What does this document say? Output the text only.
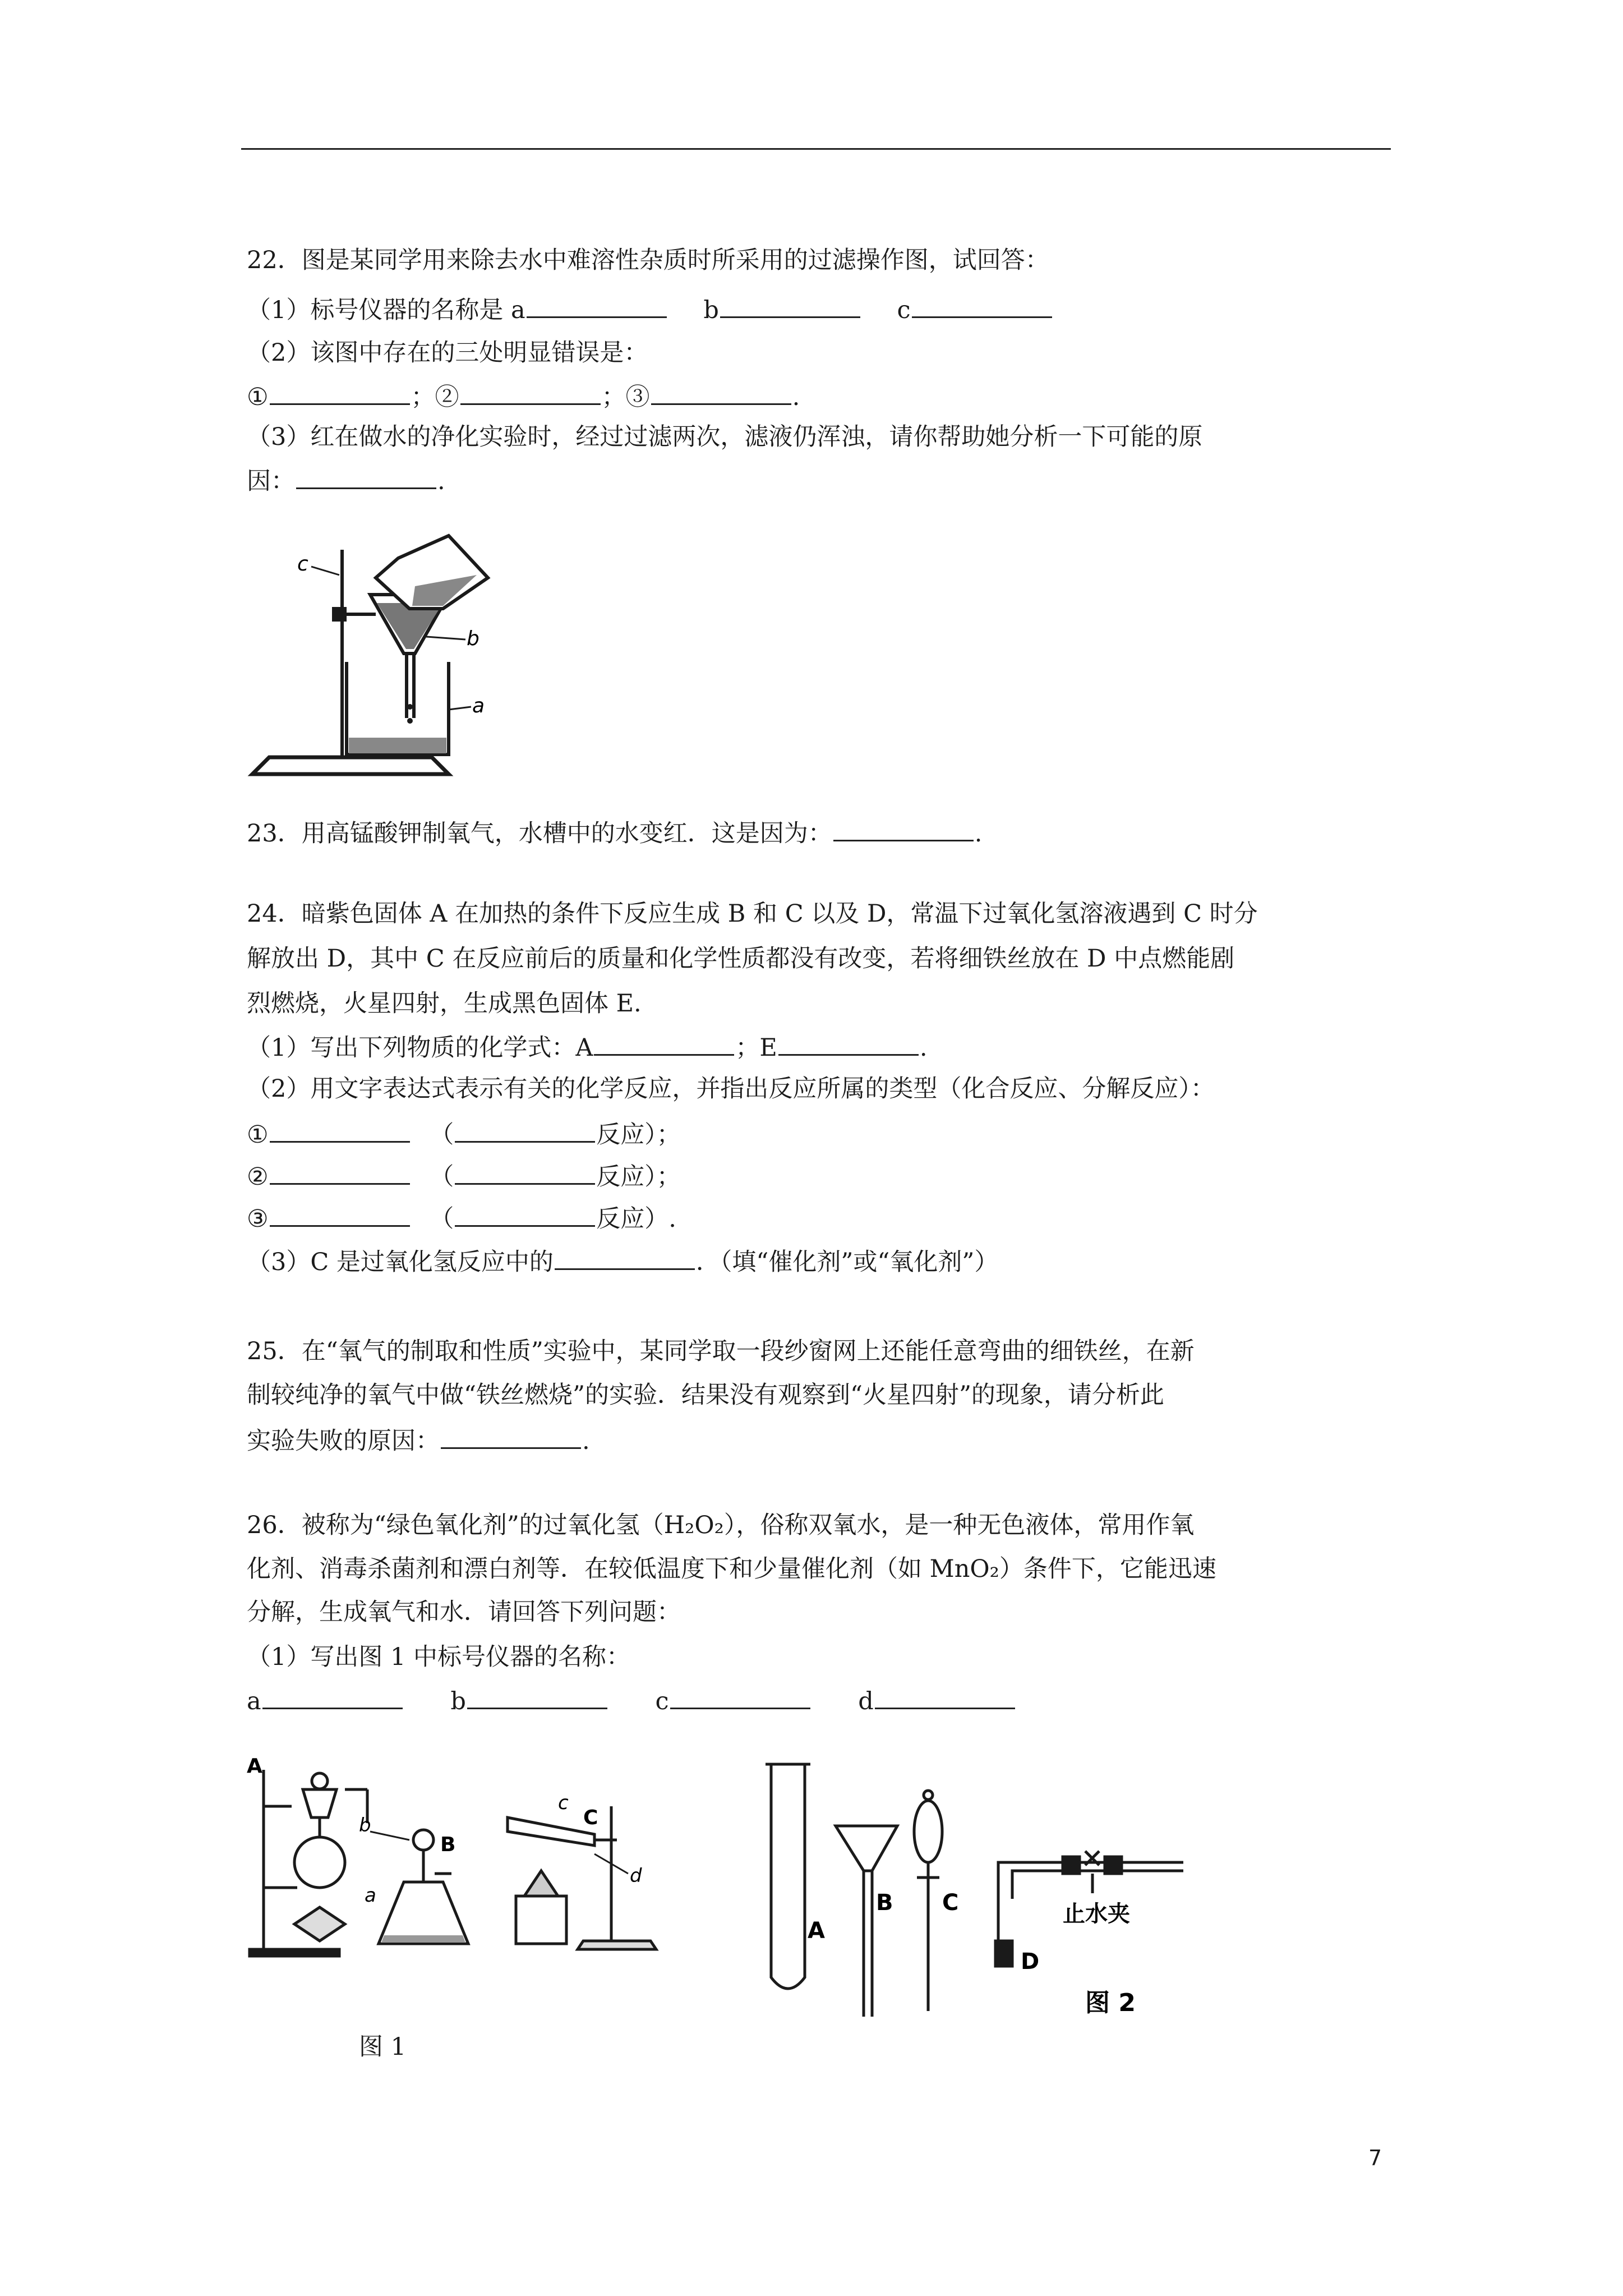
22．图是某同学用来除去水中难溶性杂质时所采用的过滤操作图，试回答：
（1）标号仪器的名称是 a	b	c
（2）该图中存在的三处明显错误是：
①	；②	；③	.
（3）红在做水的净化实验时，经过过滤两次，滤液仍浑浊，请你帮助她分析一下可能的原
因：	.
c
b
a
23．用高锰酸钾制氧气，水槽中的水变红．这是因为：	.
24．暗紫色固体 A 在加热的条件下反应生成 B 和 C 以及 D，常温下过氧化氢溶液遇到 C 时分
解放出 D，其中 C 在反应前后的质量和化学性质都没有改变，若将细铁丝放在 D 中点燃能剧
烈燃烧，火星四射，生成黑色固体 E.
（1）写出下列物质的化学式：A	；E	.
（2）用文字表达式表示有关的化学反应，并指出反应所属的类型（化合反应、分解反应）：
①	（	反应）；
②	（	反应）；
③	（	反应）.
（3）C 是过氧化氢反应中的	．（填“催化剂”或“氧化剂”）
25．在“氧气的制取和性质”实验中，某同学取一段纱窗网上还能任意弯曲的细铁丝，在新
制较纯净的氧气中做“铁丝燃烧”的实验．结果没有观察到“火星四射”的现象，请分析此
实验失败的原因：	.
26．被称为“绿色氧化剂”的过氧化氢（H₂O₂），俗称双氧水，是一种无色液体，常用作氧
化剂、消毒杀菌剂和漂白剂等．在较低温度下和少量催化剂（如 MnO₂）条件下，它能迅速
分解，生成氧气和水．请回答下列问题：
（1）写出图 1 中标号仪器的名称：
a	b	c	d
A
b
B
a
c
C
d
图 1
A
B C
D
止水夹
图 2
7
